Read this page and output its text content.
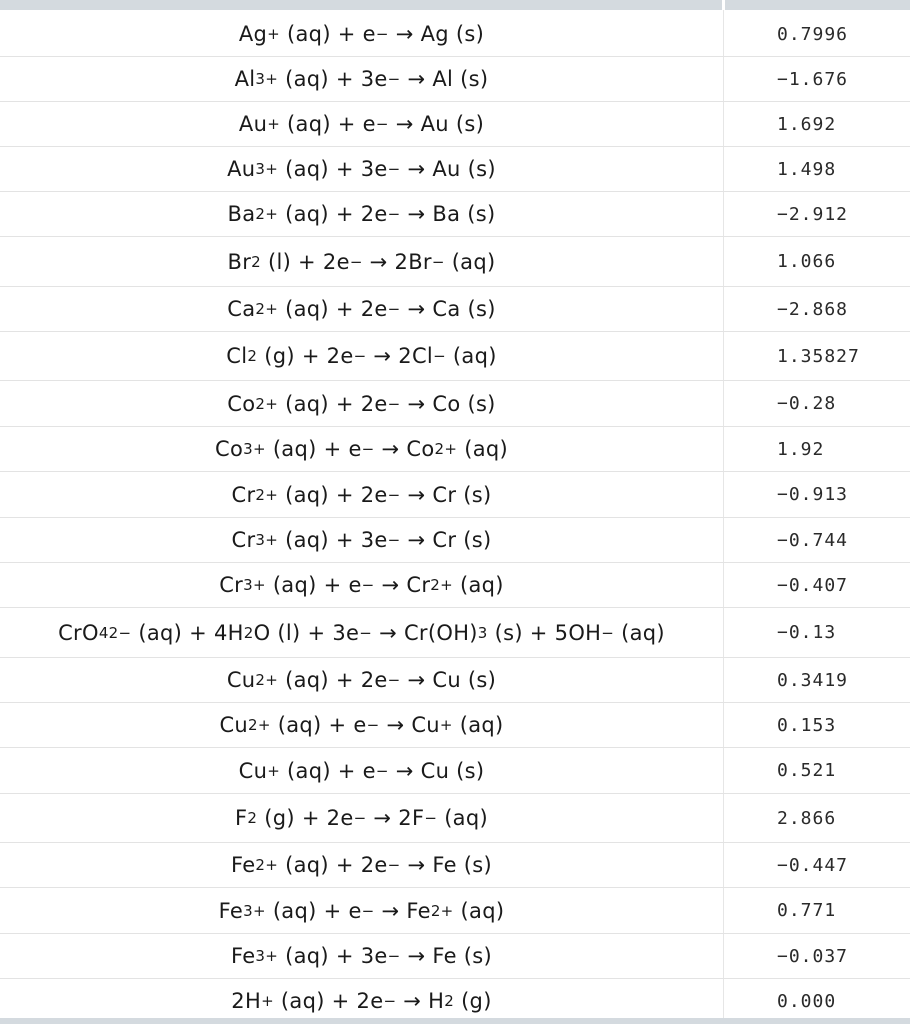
Ag + (aq) + e − → Ag (s)	0.7996
Al 3+ (aq) + 3e − → Al (s)	−1.676
Au + (aq) + e − → Au (s)	1.692
Au 3+ (aq) + 3e − → Au (s)	1.498
Ba 2+ (aq) + 2e − → Ba (s)	−2.912
Br 2 (l) + 2e − → 2Br − (aq)	1.066
Ca 2+ (aq) + 2e − → Ca (s)	−2.868
Cl 2 (g) + 2e − → 2Cl − (aq)	1.35827
Co 2+ (aq) + 2e − → Co (s)	−0.28
Co 3+ (aq) + e − → Co 2+ (aq)	1.92
Cr 2+ (aq) + 2e − → Cr (s)	−0.913
Cr 3+ (aq) + 3e − → Cr (s)	−0.744
Cr 3+ (aq) + e − → Cr 2+ (aq)	−0.407
CrO 4 2− (aq) + 4H 2 O (l) + 3e − → Cr(OH) 3 (s) + 5OH − (aq)	−0.13
Cu 2+ (aq) + 2e − → Cu (s)	0.3419
Cu 2+ (aq) + e − → Cu + (aq)	0.153
Cu + (aq) + e − → Cu (s)	0.521
F 2 (g) + 2e − → 2F − (aq)	2.866
Fe 2+ (aq) + 2e − → Fe (s)	−0.447
Fe 3+ (aq) + e − → Fe 2+ (aq)	0.771
Fe 3+ (aq) + 3e − → Fe (s)	−0.037
2H + (aq) + 2e − → H 2 (g)	0.000
